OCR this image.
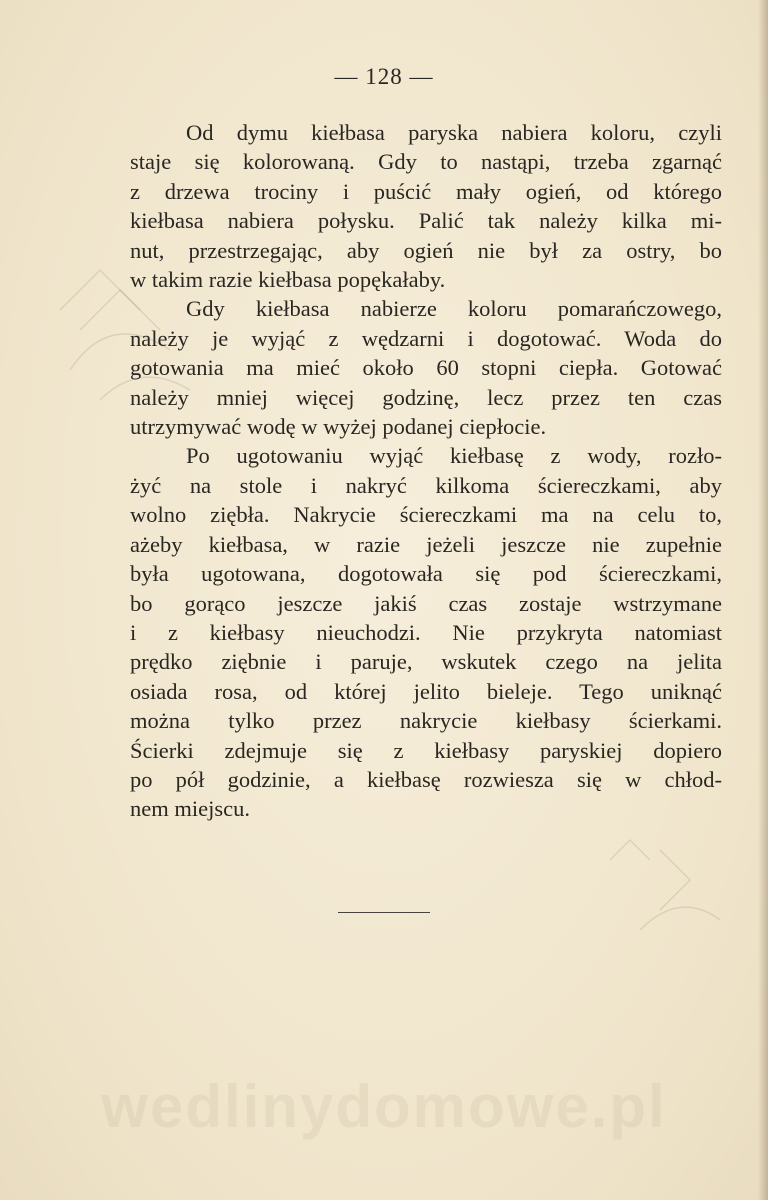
— 128 —
Od dymu kiełbasa paryska nabiera koloru, czyli
staje się kolorowaną. Gdy to nastąpi, trzeba zgarnąć
z drzewa trociny i puścić mały ogień, od którego
kiełbasa nabiera połysku. Palić tak należy kilka mi-
nut, przestrzegając, aby ogień nie był za ostry, bo
w takim razie kiełbasa popękałaby.
Gdy kiełbasa nabierze koloru pomarańczowego,
należy je wyjąć z wędzarni i dogotować. Woda do
gotowania ma mieć około 60 stopni ciepła. Gotować
należy mniej więcej godzinę, lecz przez ten czas
utrzymywać wodę w wyżej podanej ciepłocie.
Po ugotowaniu wyjąć kiełbasę z wody, rozło-
żyć na stole i nakryć kilkoma ściereczkami, aby
wolno ziębła. Nakrycie ściereczkami ma na celu to,
ażeby kiełbasa, w razie jeżeli jeszcze nie zupełnie
była ugotowana, dogotowała się pod ściereczkami,
bo gorąco jeszcze jakiś czas zostaje wstrzymane
i z kiełbasy nieuchodzi. Nie przykryta natomiast
prędko ziębnie i paruje, wskutek czego na jelita
osiada rosa, od której jelito bieleje. Tego uniknąć
można tylko przez nakrycie kiełbasy ścierkami.
Ścierki zdejmuje się z kiełbasy paryskiej dopiero
po pół godzinie, a kiełbasę rozwiesza się w chłod-
nem miejscu.
wedlinydomowe.pl
